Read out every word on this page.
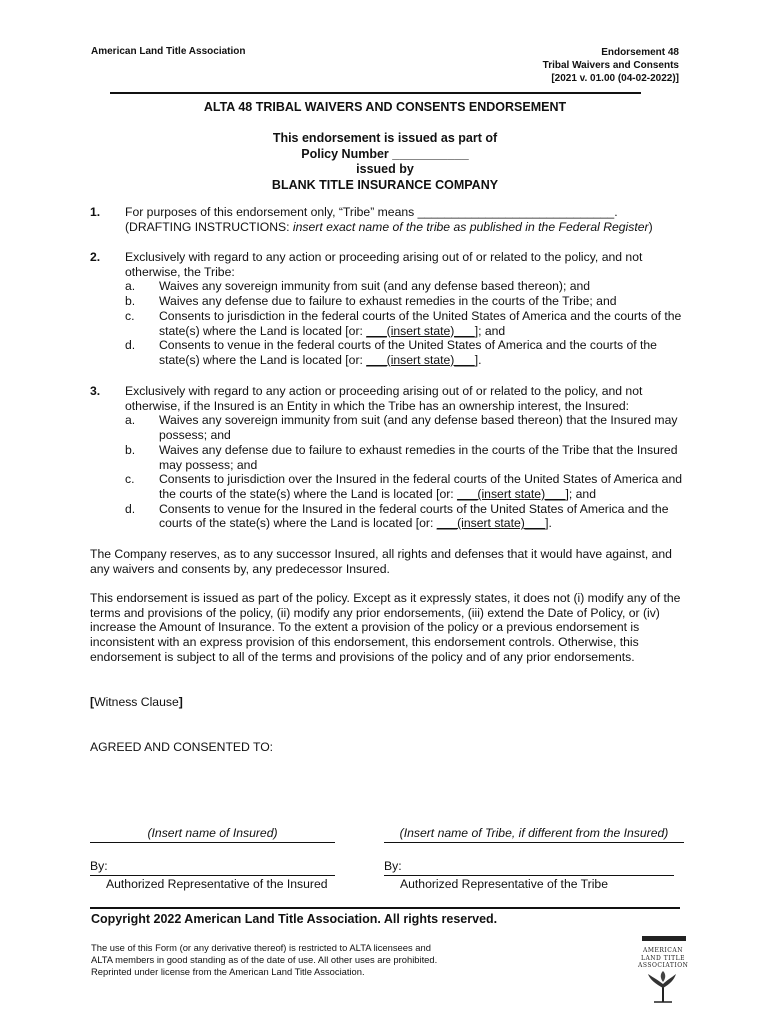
American Land Title Association	Endorsement 48
Tribal Waivers and Consents
[2021 v. 01.00 (04-02-2022)]
ALTA 48 TRIBAL WAIVERS AND CONSENTS ENDORSEMENT
This endorsement is issued as part of
Policy Number ___________
issued by
BLANK TITLE INSURANCE COMPANY
1. For purposes of this endorsement only, “Tribe” means _____________________________.
(DRAFTING INSTRUCTIONS: insert exact name of the tribe as published in the Federal Register)
2. Exclusively with regard to any action or proceeding arising out of or related to the policy, and not otherwise, the Tribe:
a. Waives any sovereign immunity from suit (and any defense based thereon); and
b. Waives any defense due to failure to exhaust remedies in the courts of the Tribe; and
c. Consents to jurisdiction in the federal courts of the United States of America and the courts of the state(s) where the Land is located [or: ___(insert state)___]; and
d. Consents to venue in the federal courts of the United States of America and the courts of the state(s) where the Land is located [or: ___(insert state)___].
3. Exclusively with regard to any action or proceeding arising out of or related to the policy, and not otherwise, if the Insured is an Entity in which the Tribe has an ownership interest, the Insured:
a. Waives any sovereign immunity from suit (and any defense based thereon) that the Insured may possess; and
b. Waives any defense due to failure to exhaust remedies in the courts of the Tribe that the Insured may possess; and
c. Consents to jurisdiction over the Insured in the federal courts of the United States of America and the courts of the state(s) where the Land is located [or: ___(insert state)___]; and
d. Consents to venue for the Insured in the federal courts of the United States of America and the courts of the state(s) where the Land is located [or: ___(insert state)___].
The Company reserves, as to any successor Insured, all rights and defenses that it would have against, and any waivers and consents by, any predecessor Insured.
This endorsement is issued as part of the policy. Except as it expressly states, it does not (i) modify any of the terms and provisions of the policy, (ii) modify any prior endorsements, (iii) extend the Date of Policy, or (iv) increase the Amount of Insurance. To the extent a provision of the policy or a previous endorsement is inconsistent with an express provision of this endorsement, this endorsement controls. Otherwise, this endorsement is subject to all of the terms and provisions of the policy and of any prior endorsements.
[Witness Clause]
AGREED AND CONSENTED TO:
(Insert name of Insured)
By:
Authorized Representative of the Insured
(Insert name of Tribe, if different from the Insured)
By:
Authorized Representative of the Tribe
Copyright 2022 American Land Title Association. All rights reserved.
The use of this Form (or any derivative thereof) is restricted to ALTA licensees and
ALTA members in good standing as of the date of use. All other uses are prohibited.
Reprinted under license from the American Land Title Association.
AMERICAN
LAND TITLE
ASSOCIATION
